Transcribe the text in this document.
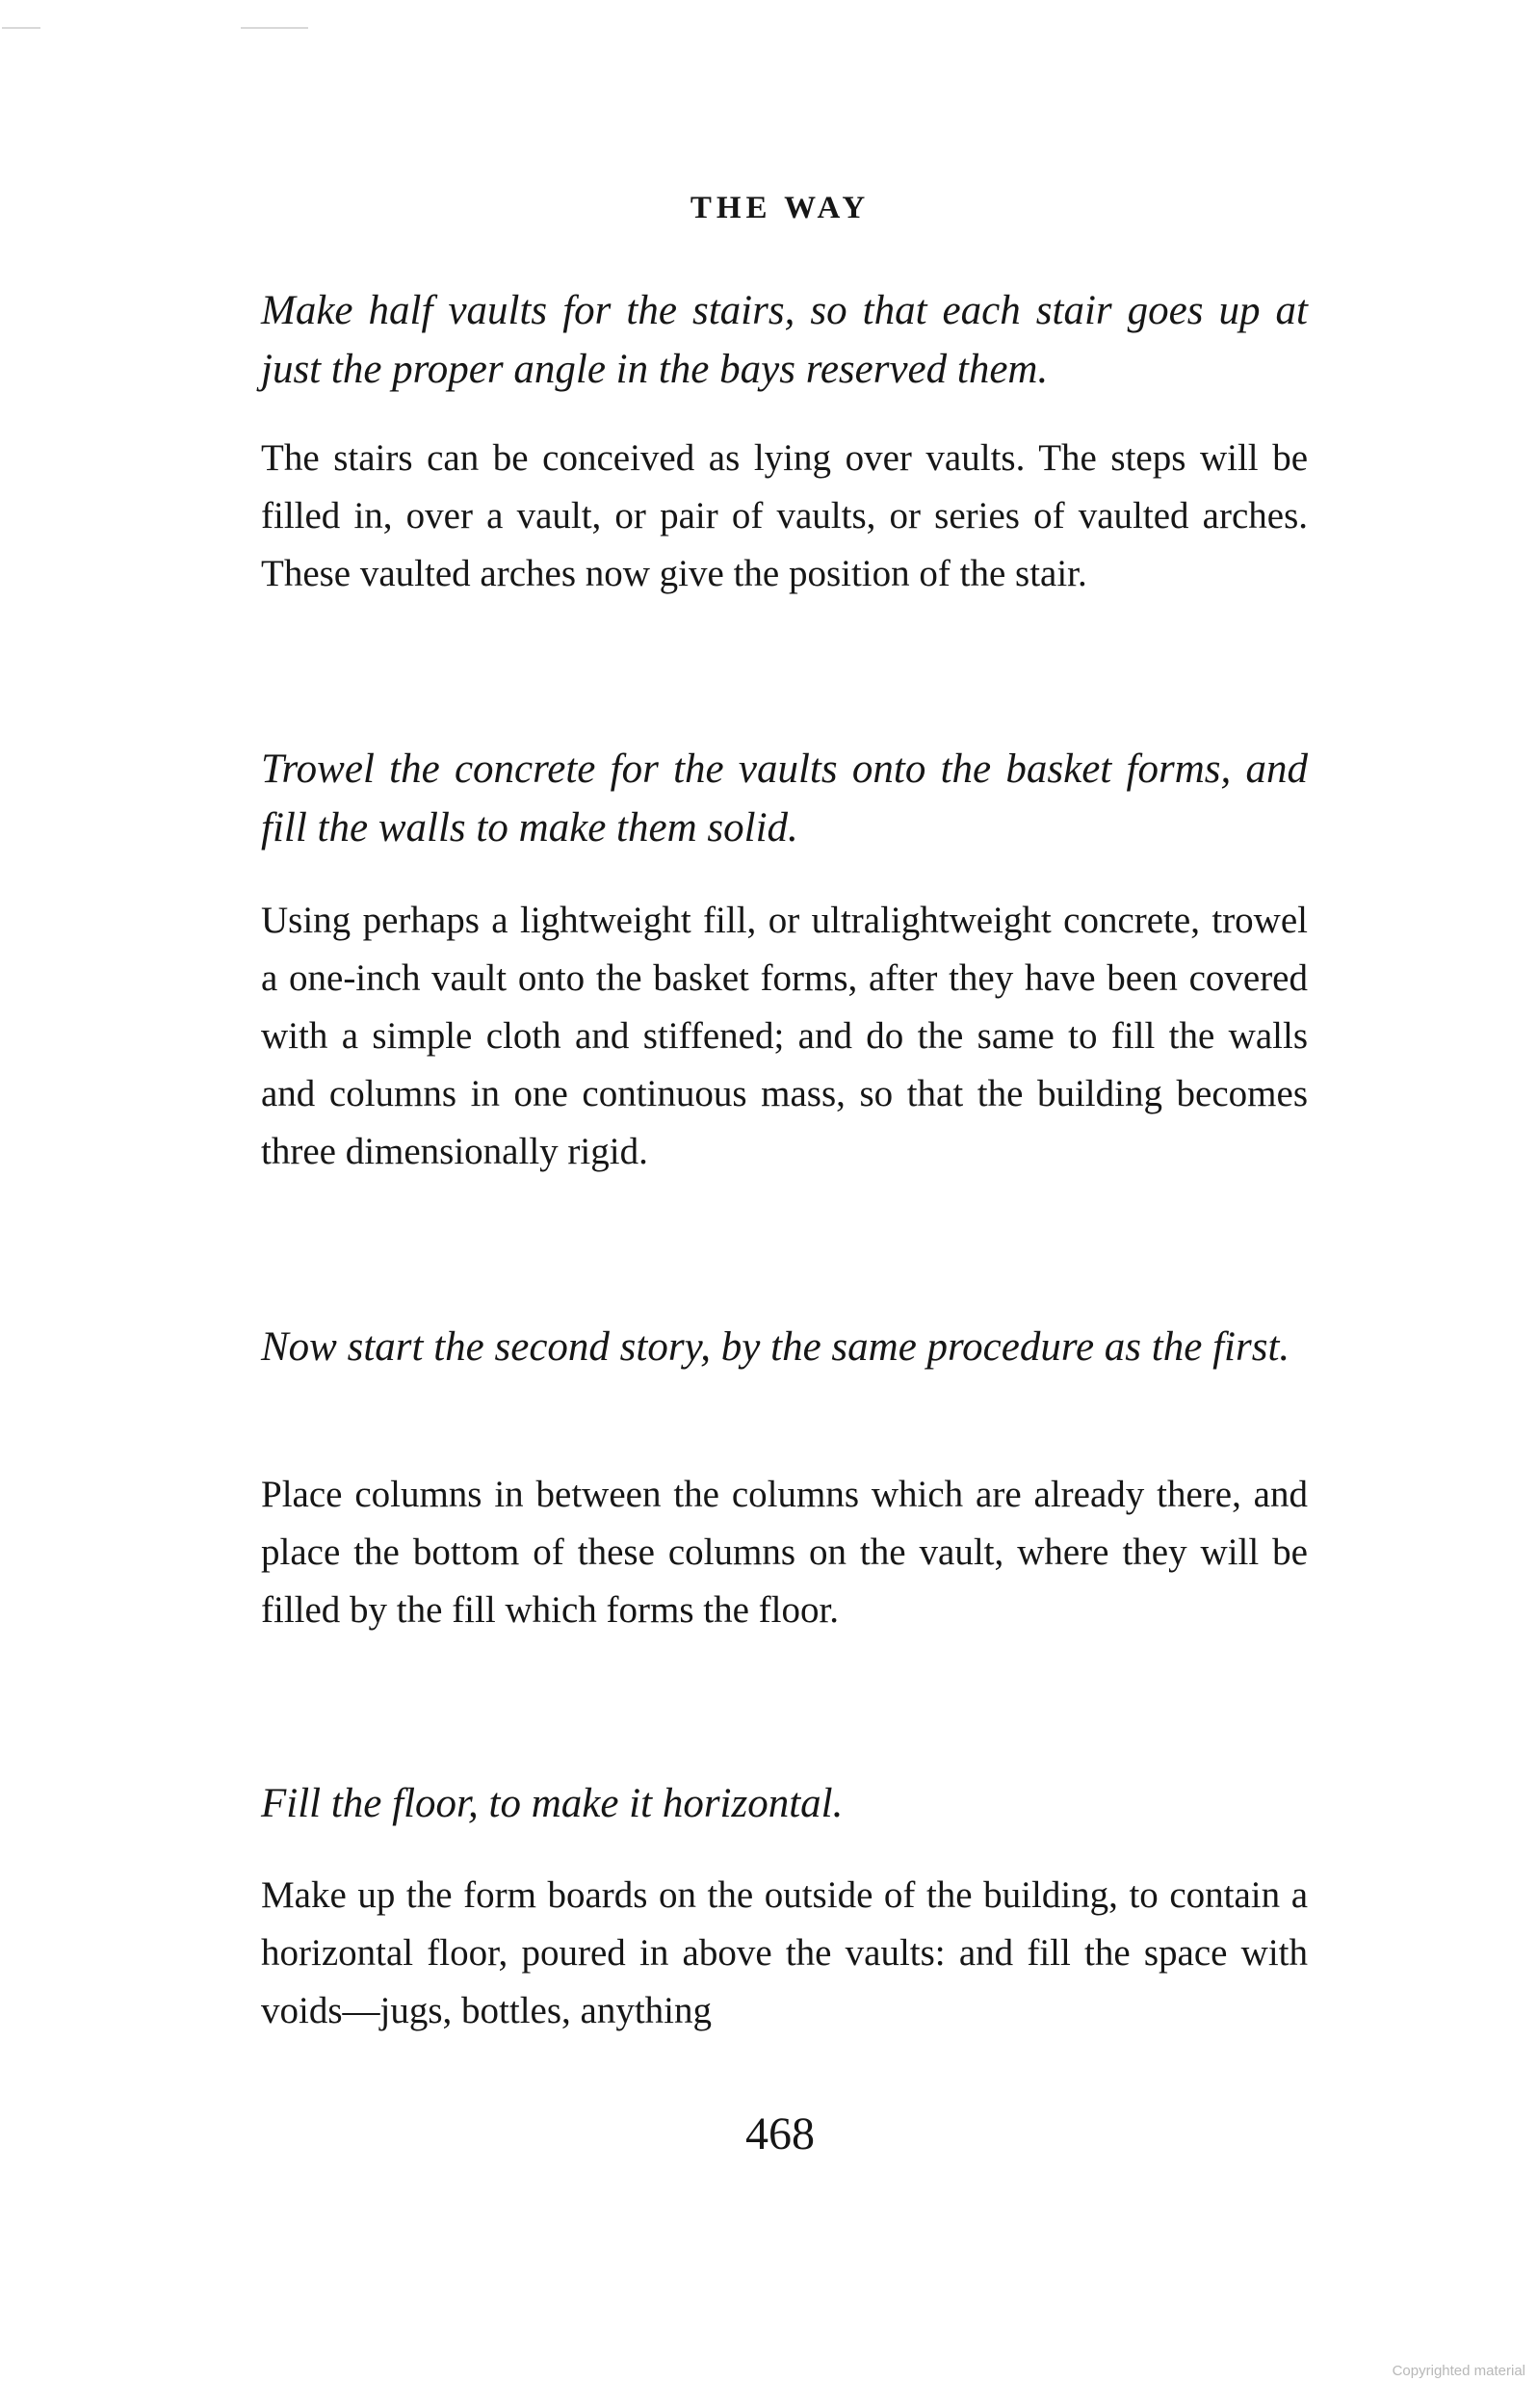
THE WAY

Make half vaults for the stairs, so that each stair goes up at just the proper angle in the bays reserved them.

The stairs can be conceived as lying over vaults. The steps will be filled in, over a vault, or pair of vaults, or series of vaulted arches. These vaulted arches now give the position of the stair.

Trowel the concrete for the vaults onto the basket forms, and fill the walls to make them solid.

Using perhaps a lightweight fill, or ultralightweight concrete, trowel a one-inch vault onto the basket forms, after they have been covered with a simple cloth and stiffened; and do the same to fill the walls and columns in one continuous mass, so that the building becomes three dimensionally rigid.

Now start the second story, by the same procedure as the first.

Place columns in between the columns which are already there, and place the bottom of these columns on the vault, where they will be filled by the fill which forms the floor.

Fill the floor, to make it horizontal.

Make up the form boards on the outside of the building, to contain a horizontal floor, poured in above the vaults: and fill the space with voids—jugs, bottles, anything

468
Copyrighted material
